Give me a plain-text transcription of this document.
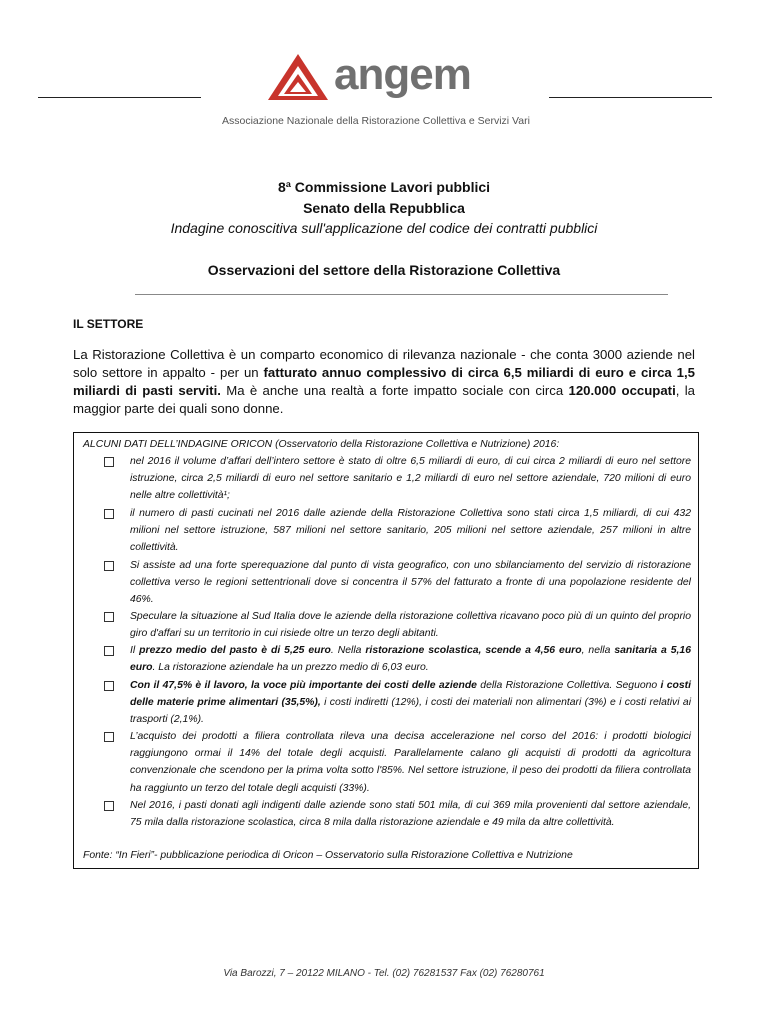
angem
Associazione Nazionale della Ristorazione Collettiva e Servizi Vari
8ª Commissione Lavori pubblici
Senato della Repubblica
Indagine conoscitiva sull'applicazione del codice dei contratti pubblici
Osservazioni del settore della Ristorazione Collettiva
IL SETTORE
La Ristorazione Collettiva è un comparto economico di rilevanza nazionale - che conta 3000 aziende nel solo settore in appalto - per un fatturato annuo complessivo di circa 6,5 miliardi di euro e circa 1,5 miliardi di pasti serviti. Ma è anche una realtà a forte impatto sociale con circa 120.000 occupati, la maggior parte dei quali sono donne.
ALCUNI DATI DELL’INDAGINE ORICON (Osservatorio della Ristorazione Collettiva e Nutrizione) 2016:
nel 2016 il volume d’affari dell’intero settore è stato di oltre 6,5 miliardi di euro, di cui circa 2 miliardi di euro nel settore istruzione, circa 2,5 miliardi di euro nel settore sanitario e 1,2 miliardi di euro nel settore aziendale, 720 milioni di euro nelle altre collettività¹;
il numero di pasti cucinati nel 2016 dalle aziende della Ristorazione Collettiva sono stati circa 1,5 miliardi, di cui 432 milioni nel settore istruzione, 587 milioni nel settore sanitario, 205 milioni nel settore aziendale, 257 milioni in altre collettività.
Si assiste ad una forte sperequazione dal punto di vista geografico, con uno sbilanciamento del servizio di ristorazione collettiva verso le regioni settentrionali dove si concentra il 57% del fatturato a fronte di una popolazione residente del 46%.
Speculare la situazione al Sud Italia dove le aziende della ristorazione collettiva ricavano poco più di un quinto del proprio giro d'affari su un territorio in cui risiede oltre un terzo degli abitanti.
Il prezzo medio del pasto è di 5,25 euro. Nella ristorazione scolastica, scende a 4,56 euro, nella sanitaria a 5,16 euro. La ristorazione aziendale ha un prezzo medio di 6,03 euro.
Con il 47,5% è il lavoro, la voce più importante dei costi delle aziende della Ristorazione Collettiva. Seguono i costi delle materie prime alimentari (35,5%), i costi indiretti (12%), i costi dei materiali non alimentari (3%) e i costi relativi ai trasporti (2,1%).
L’acquisto dei prodotti a filiera controllata rileva una decisa accelerazione nel corso del 2016: i prodotti biologici raggiungono ormai il 14% del totale degli acquisti. Parallelamente calano gli acquisti di prodotti da agricoltura convenzionale che scendono per la prima volta sotto l'85%. Nel settore istruzione, il peso dei prodotti da filiera controllata ha raggiunto un terzo del totale degli acquisti (33%).
Nel 2016, i pasti donati agli indigenti dalle aziende sono stati 501 mila, di cui 369 mila provenienti dal settore aziendale, 75 mila dalla ristorazione scolastica, circa 8 mila dalla ristorazione aziendale e 49 mila da altre collettività.
Fonte: “In Fieri”- pubblicazione periodica di Oricon – Osservatorio sulla Ristorazione Collettiva e Nutrizione
Via Barozzi, 7 – 20122 MILANO - Tel. (02) 76281537 Fax (02) 76280761
